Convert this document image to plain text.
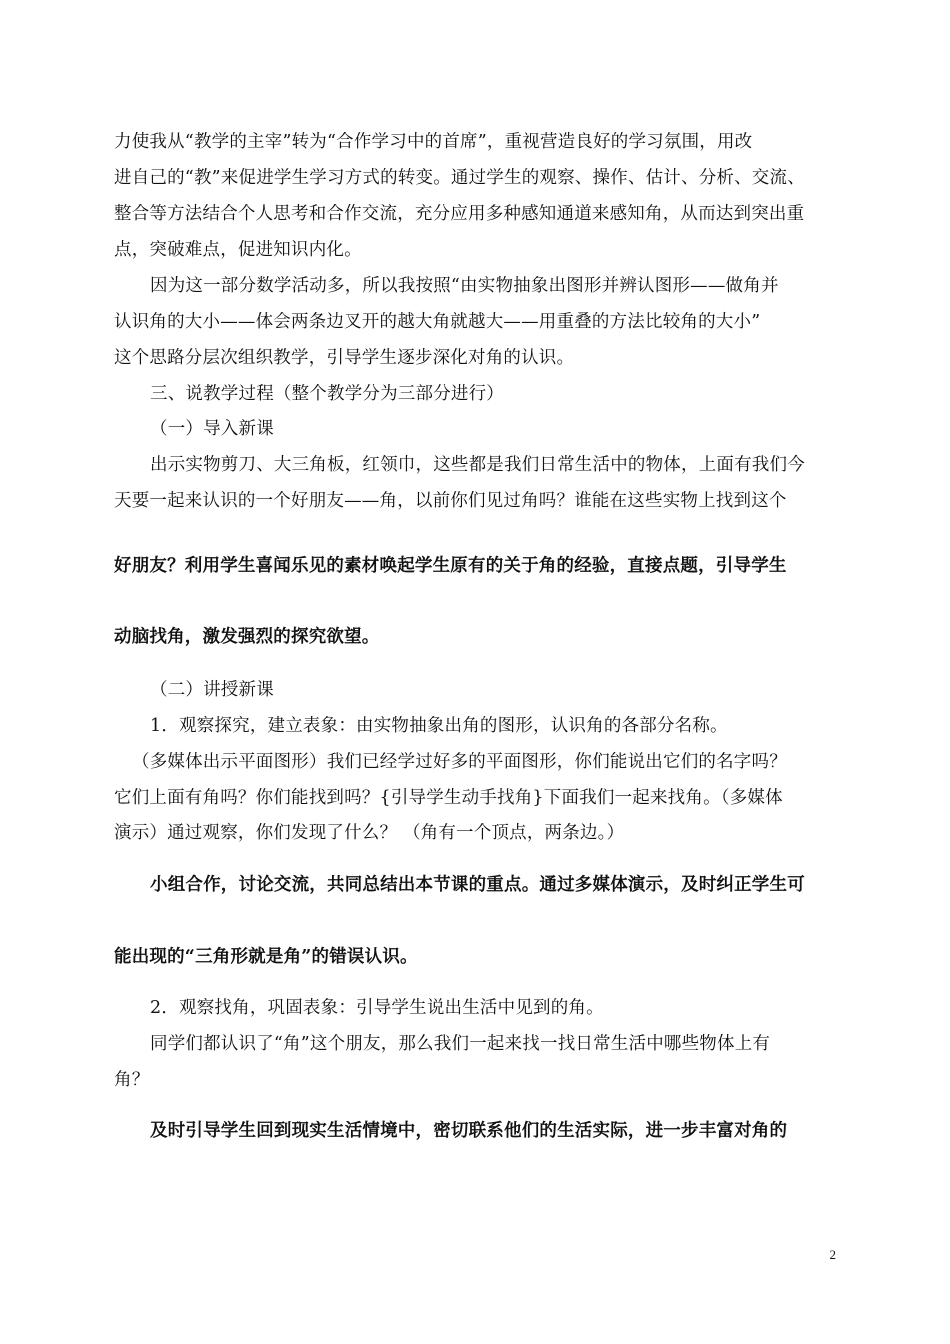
力使我从“教学的主宰”转为“合作学习中的首席”，重视营造良好的学习氛围，用改
进自己的“教”来促进学生学习方式的转变。通过学生的观察、操作、估计、分析、交流、
整合等方法结合个人思考和合作交流，充分应用多种感知通道来感知角，从而达到突出重
点，突破难点，促进知识内化。
因为这一部分数学活动多，所以我按照“由实物抽象出图形并辨认图形——做角并
认识角的大小——体会两条边叉开的越大角就越大——用重叠的方法比较角的大小”
这个思路分层次组织教学，引导学生逐步深化对角的认识。
三、说教学过程（整个教学分为三部分进行）
（一）导入新课
出示实物剪刀、大三角板，红领巾，这些都是我们日常生活中的物体，上面有我们今
天要一起来认识的一个好朋友——角，以前你们见过角吗？谁能在这些实物上找到这个
好朋友？利用学生喜闻乐见的素材唤起学生原有的关于角的经验，直接点题，引导学生
动脑找角，激发强烈的探究欲望。
（二）讲授新课
1．观察探究，建立表象：由实物抽象出角的图形，认识角的各部分名称。
（多媒体出示平面图形）我们已经学过好多的平面图形，你们能说出它们的名字吗？
它们上面有角吗？你们能找到吗？{引导学生动手找角}下面我们一起来找角。（多媒体
演示）通过观察，你们发现了什么？ （角有一个顶点，两条边。）
小组合作，讨论交流，共同总结出本节课的重点。通过多媒体演示，及时纠正学生可
能出现的“三角形就是角”的错误认识。
2．观察找角，巩固表象：引导学生说出生活中见到的角。
同学们都认识了“角”这个朋友，那么我们一起来找一找日常生活中哪些物体上有
角？
及时引导学生回到现实生活情境中，密切联系他们的生活实际，进一步丰富对角的
2
